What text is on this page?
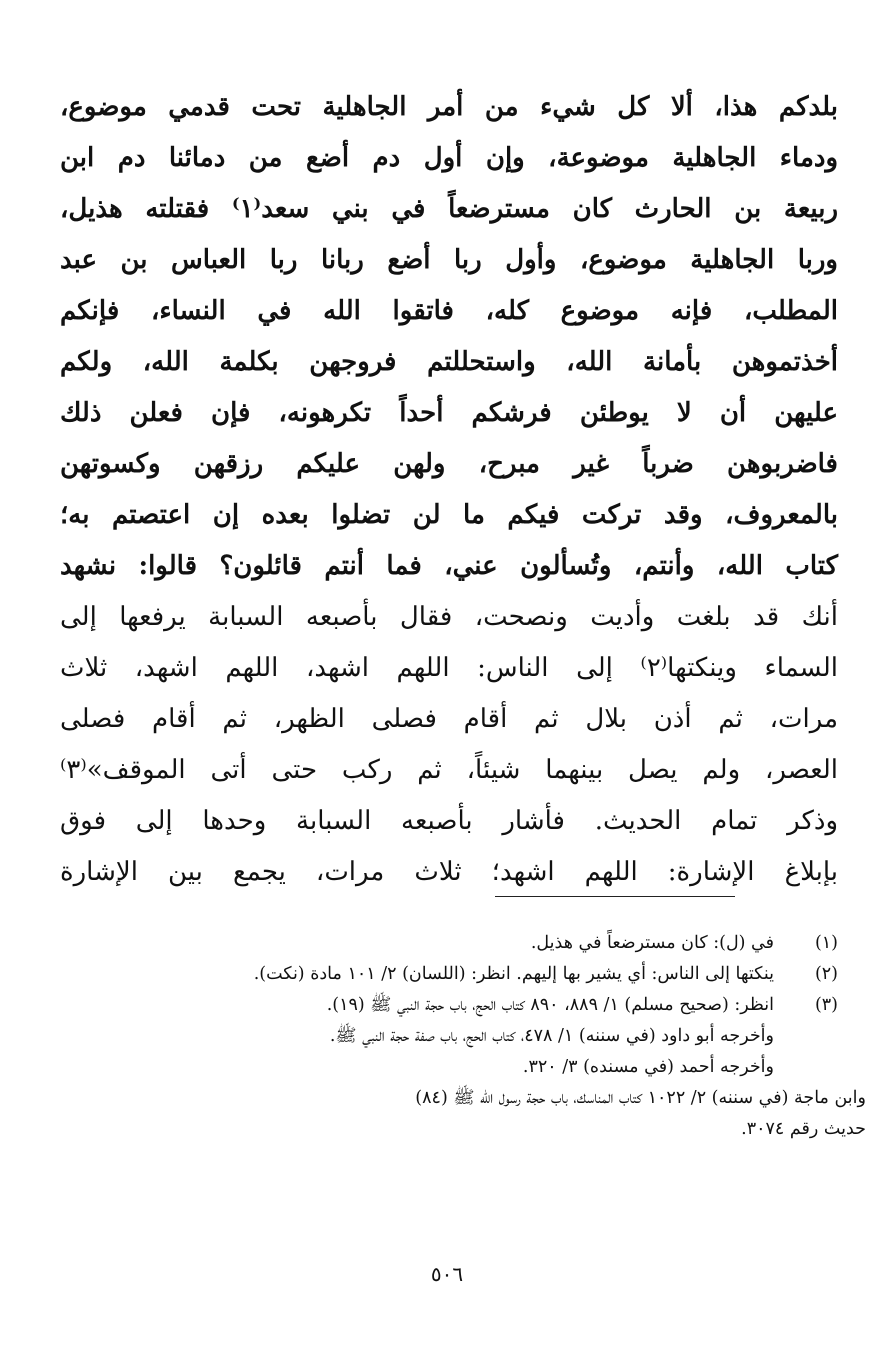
بلدكم هذا، ألا كل شيء من أمر الجاهلية تحت قدمي موضوع،
ودماء الجاهلية موضوعة، وإن أول دم أضع من دمائنا دم ابن
ربيعة بن الحارث كان مسترضعاً في بني سعد⁽١⁾ فقتلته هذيل،
وربا الجاهلية موضوع، وأول ربا أضع ربانا ربا العباس بن عبد
المطلب، فإنه موضوع كله، فاتقوا الله في النساء، فإنكم
أخذتموهن بأمانة الله، واستحللتم فروجهن بكلمة الله، ولكم
عليهن أن لا يوطئن فرشكم أحداً تكرهونه، فإن فعلن ذلك
فاضربوهن ضرباً غير مبرح، ولهن عليكم رزقهن وكسوتهن
بالمعروف، وقد تركت فيكم ما لن تضلوا بعده إن اعتصتم به؛
كتاب الله، وأنتم، وتُسألون عني، فما أنتم قائلون؟ قالوا: نشهد
أنك قد بلغت وأديت ونصحت، فقال بأصبعه السبابة يرفعها إلى
السماء وينكتها⁽٢⁾ إلى الناس: اللهم اشهد، اللهم اشهد، ثلاث
مرات، ثم أذن بلال ثم أقام فصلى الظهر، ثم أقام فصلى
العصر، ولم يصل بينهما شيئاً، ثم ركب حتى أتى الموقف»⁽٣⁾
وذكر تمام الحديث. فأشار بأصبعه السبابة وحدها إلى فوق
بإبلاغ الإشارة: اللهم اشهد؛ ثلاث مرات، يجمع بين الإشارة
(١)
في (ل): كان مسترضعاً في هذيل.
(٢)
ينكتها إلى الناس: أي يشير بها إليهم. انظر: (اللسان) ٢/ ١٠١ مادة (نكت).
(٣)
انظر: (صحيح مسلم) ١/ ٨٨٩، ٨٩٠ كتاب الحج، باب حجة النبي ﷺ (١٩).
وأخرجه أبو داود (في سننه) ١/ ٤٧٨، كتاب الحج، باب صفة حجة النبي ﷺ.
وأخرجه أحمد (في مسنده) ٣/ ٣٢٠.
وابن ماجة (في سننه) ٢/ ١٠٢٢ كتاب المناسك، باب حجة رسول الله ﷺ (٨٤)
حديث رقم ٣٠٧٤.
٥٠٦
